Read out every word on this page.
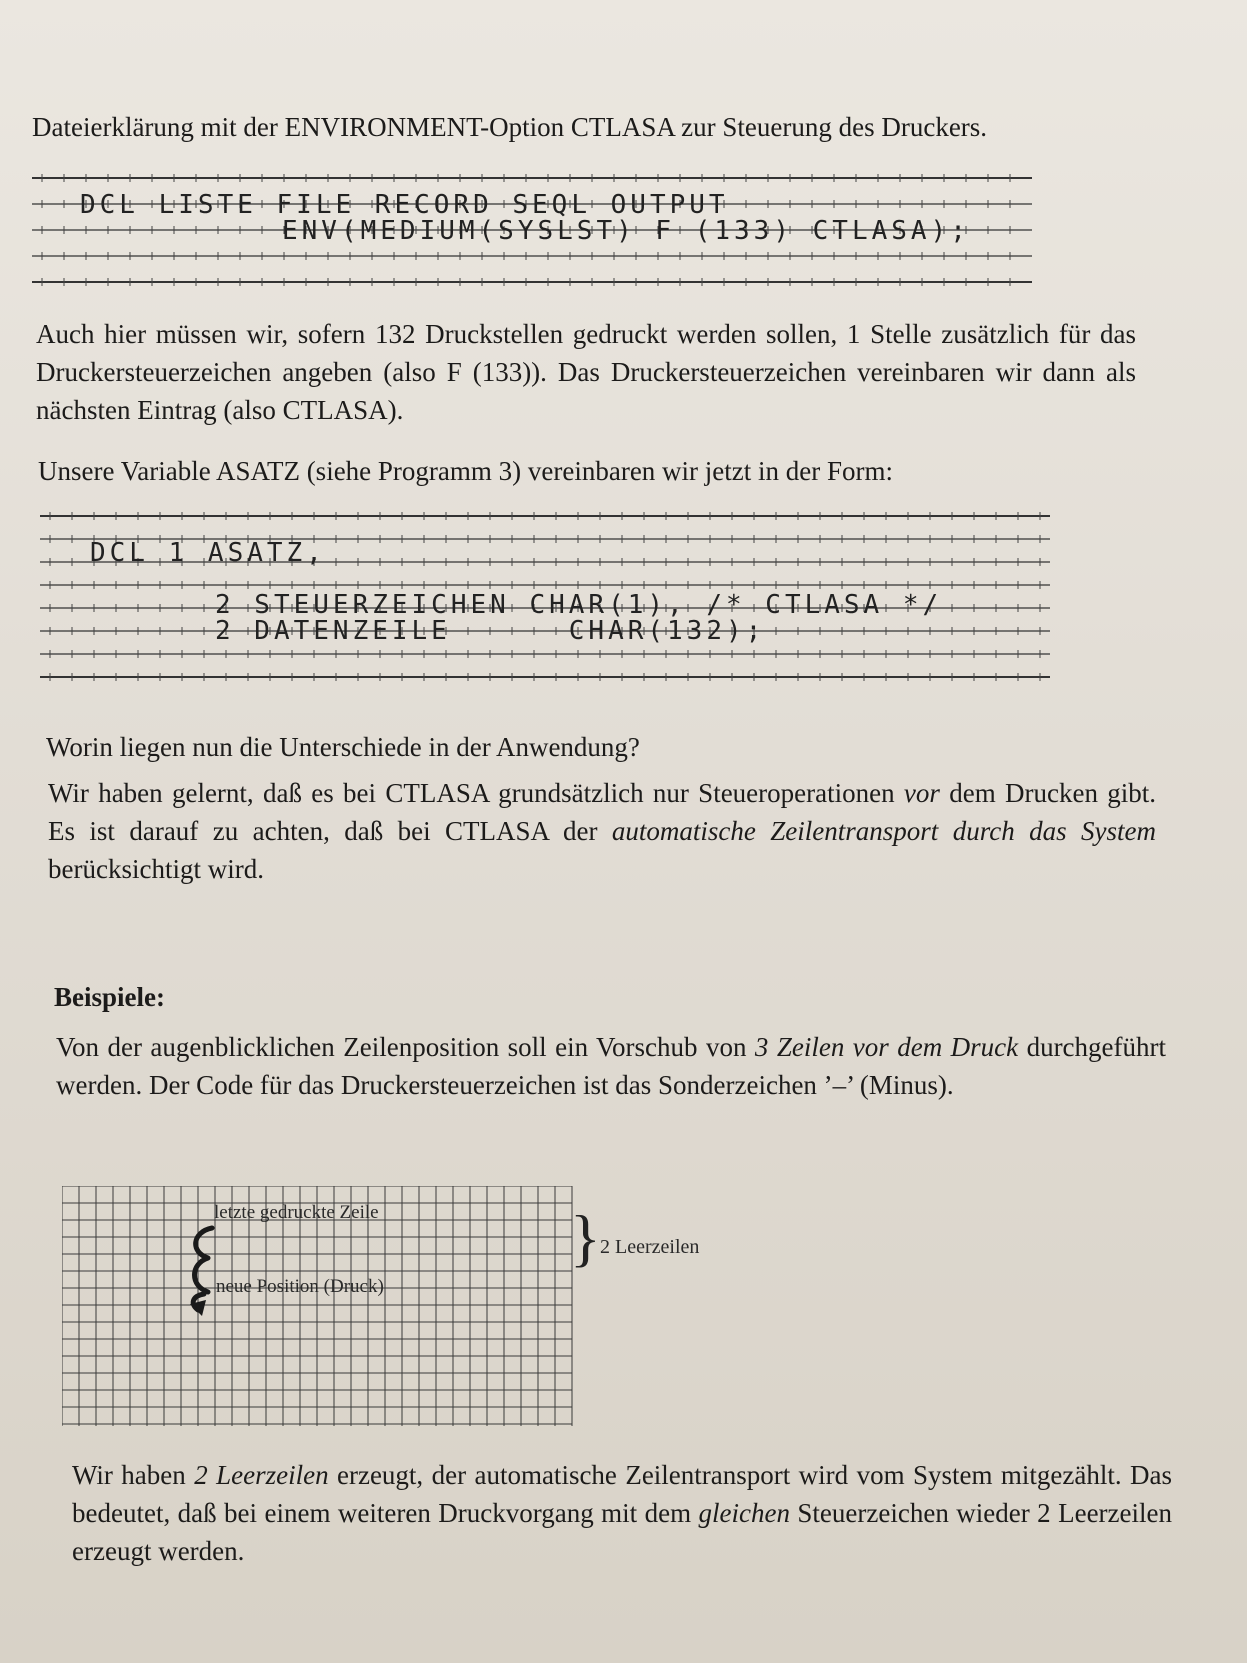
Dateierklärung mit der ENVIRONMENT-Option CTLASA zur Steuerung des Druckers.

DCL LISTE FILE RECORD SEQL OUTPUT
ENV(MEDIUM(SYSLST) F (133) CTLASA);

Auch hier müssen wir, sofern 132 Druckstellen gedruckt werden sollen, 1 Stelle zusätzlich für das Druckersteuerzeichen angeben (also F (133)). Das Druckersteuerzeichen vereinbaren wir dann als nächsten Eintrag (also CTLASA).

Unsere Variable ASATZ (siehe Programm 3) vereinbaren wir jetzt in der Form:

DCL 1 ASATZ,
2 STEUERZEICHEN CHAR(1), /* CTLASA */
2 DATENZEILE      CHAR(132);

Worin liegen nun die Unterschiede in der Anwendung?

Wir haben gelernt, daß es bei CTLASA grundsätzlich nur Steueroperationen vor dem Drucken gibt. Es ist darauf zu achten, daß bei CTLASA der automatische Zeilentransport durch das System berücksichtigt wird.

Beispiele:

Von der augenblicklichen Zeilenposition soll ein Vorschub von 3 Zeilen vor dem Druck durchgeführt werden. Der Code für das Druckersteuerzeichen ist das Sonderzeichen ’–’ (Minus).

letzte gedruckte Zeile
neue Position (Druck)
} 2 Leerzeilen

Wir haben 2 Leerzeilen erzeugt, der automatische Zeilentransport wird vom System mitgezählt. Das bedeutet, daß bei einem weiteren Druckvorgang mit dem gleichen Steuerzeichen wieder 2 Leerzeilen erzeugt werden.
